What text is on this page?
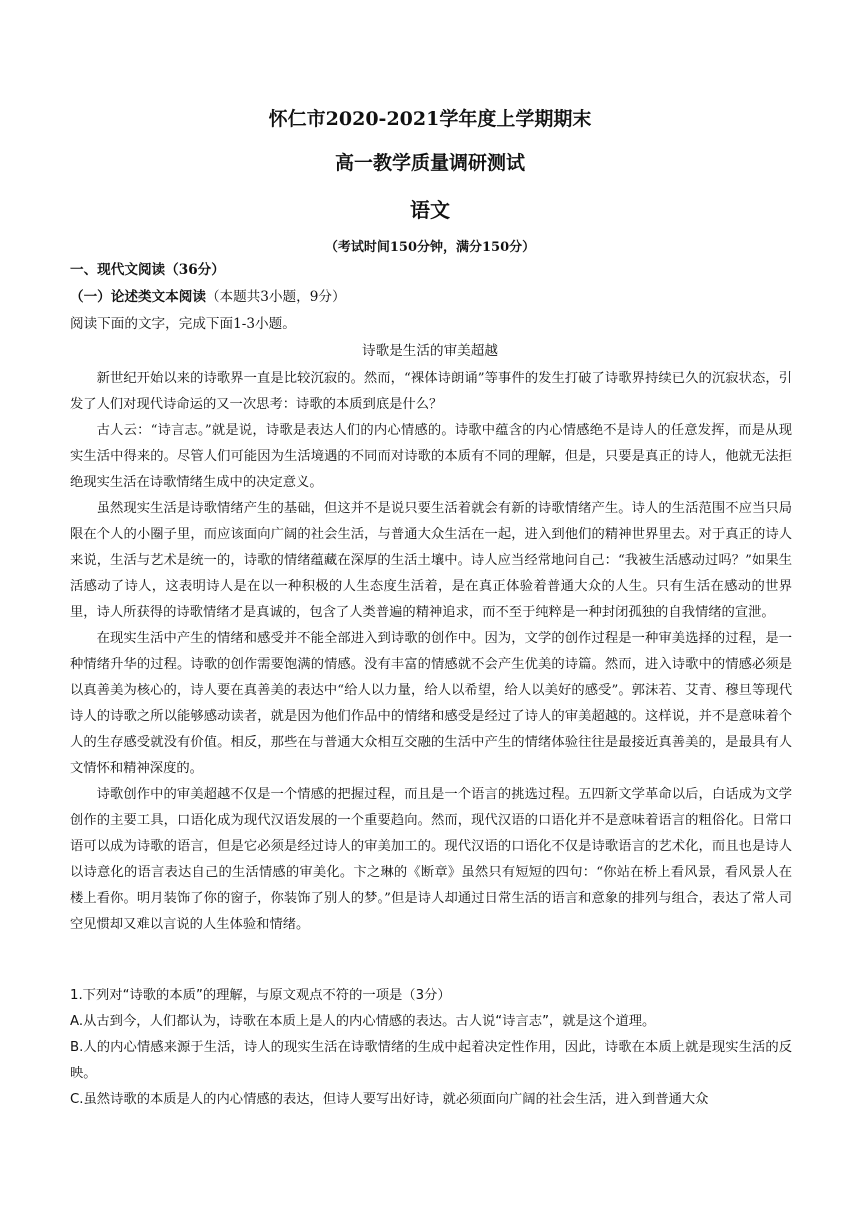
怀仁市2020-2021学年度上学期期末
高一教学质量调研测试
语文
（考试时间150分钟，满分150分）
一、现代文阅读（36分）
（一）论述类文本阅读（本题共3小题，9分）
阅读下面的文字，完成下面1-3小题。
诗歌是生活的审美超越

新世纪开始以来的诗歌界一直是比较沉寂的。然而，“裸体诗朗诵”等事件的发生打破了诗歌界持续已久的沉寂状态，引发了人们对现代诗命运的又一次思考：诗歌的本质到底是什么？

古人云：“诗言志。”就是说，诗歌是表达人们的内心情感的。诗歌中蕴含的内心情感绝不是诗人的任意发挥，而是从现实生活中得来的。尽管人们可能因为生活境遇的不同而对诗歌的本质有不同的理解，但是，只要是真正的诗人，他就无法拒绝现实生活在诗歌情绪生成中的决定意义。

虽然现实生活是诗歌情绪产生的基础，但这并不是说只要生活着就会有新的诗歌情绪产生。诗人的生活范围不应当只局限在个人的小圈子里，而应该面向广阔的社会生活，与普通大众生活在一起，进入到他们的精神世界里去。对于真正的诗人来说，生活与艺术是统一的，诗歌的情绪蕴藏在深厚的生活土壤中。诗人应当经常地问自己：“我被生活感动过吗？”如果生活感动了诗人，这表明诗人是在以一种积极的人生态度生活着，是在真正体验着普通大众的人生。只有生活在感动的世界里，诗人所获得的诗歌情绪才是真诚的，包含了人类普遍的精神追求，而不至于纯粹是一种封闭孤独的自我情绪的宣泄。

在现实生活中产生的情绪和感受并不能全部进入到诗歌的创作中。因为，文学的创作过程是一种审美选择的过程，是一种情绪升华的过程。诗歌的创作需要饱满的情感。没有丰富的情感就不会产生优美的诗篇。然而，进入诗歌中的情感必须是以真善美为核心的，诗人要在真善美的表达中“给人以力量，给人以希望，给人以美好的感受”。郭沫若、艾青、穆旦等现代诗人的诗歌之所以能够感动读者，就是因为他们作品中的情绪和感受是经过了诗人的审美超越的。这样说，并不是意味着个人的生存感受就没有价值。相反，那些在与普通大众相互交融的生活中产生的情绪体验往往是最接近真善美的，是最具有人文情怀和精神深度的。

诗歌创作中的审美超越不仅是一个情感的把握过程，而且是一个语言的挑选过程。五四新文学革命以后，白话成为文学创作的主要工具，口语化成为现代汉语发展的一个重要趋向。然而，现代汉语的口语化并不是意味着语言的粗俗化。日常口语可以成为诗歌的语言，但是它必须是经过诗人的审美加工的。现代汉语的口语化不仅是诗歌语言的艺术化，而且也是诗人以诗意化的语言表达自己的生活情感的审美化。卞之琳的《断章》虽然只有短短的四句：“你站在桥上看风景，看风景人在楼上看你。明月装饰了你的窗子，你装饰了别人的梦。”但是诗人却通过日常生活的语言和意象的排列与组合，表达了常人司空见惯却又难以言说的人生体验和情绪。

1.下列对“诗歌的本质”的理解，与原文观点不符的一项是（3分）

A.从古到今，人们都认为，诗歌在本质上是人的内心情感的表达。古人说“诗言志”，就是这个道理。

B.人的内心情感来源于生活，诗人的现实生活在诗歌情绪的生成中起着决定性作用，因此，诗歌在本质上就是现实生活的反映。

C.虽然诗歌的本质是人的内心情感的表达，但诗人要写出好诗，就必须面向广阔的社会生活，进入到普通大众
